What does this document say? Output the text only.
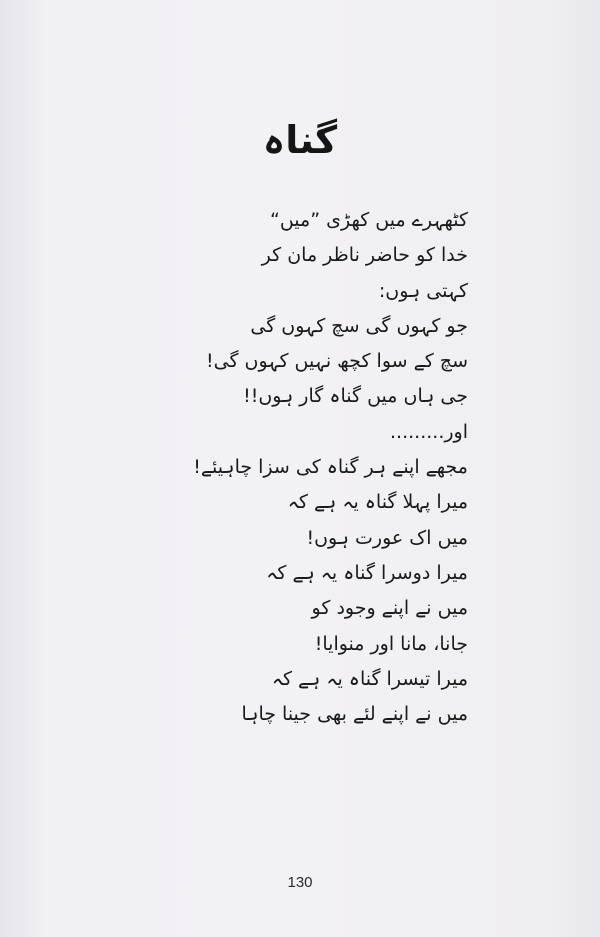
گناہ
کٹھہرے میں کھڑی ”میں“
خدا کو حاضر ناظر مان کر
کہتی ہوں:
جو کہوں گی سچ کہوں گی
سچ کے سوا کچھ نہیں کہوں گی!
جی ہاں میں گناہ گار ہوں!!
اور.........
مجھے اپنے ہر گناہ کی سزا چاہیئے!
میرا پہلا گناہ یہ ہے کہ
میں اک عورت ہوں!
میرا دوسرا گناہ یہ ہے کہ
میں نے اپنے وجود کو
جانا، مانا اور منوایا!
میرا تیسرا گناہ یہ ہے کہ
میں نے اپنے لئے بھی جینا چاہا
130
